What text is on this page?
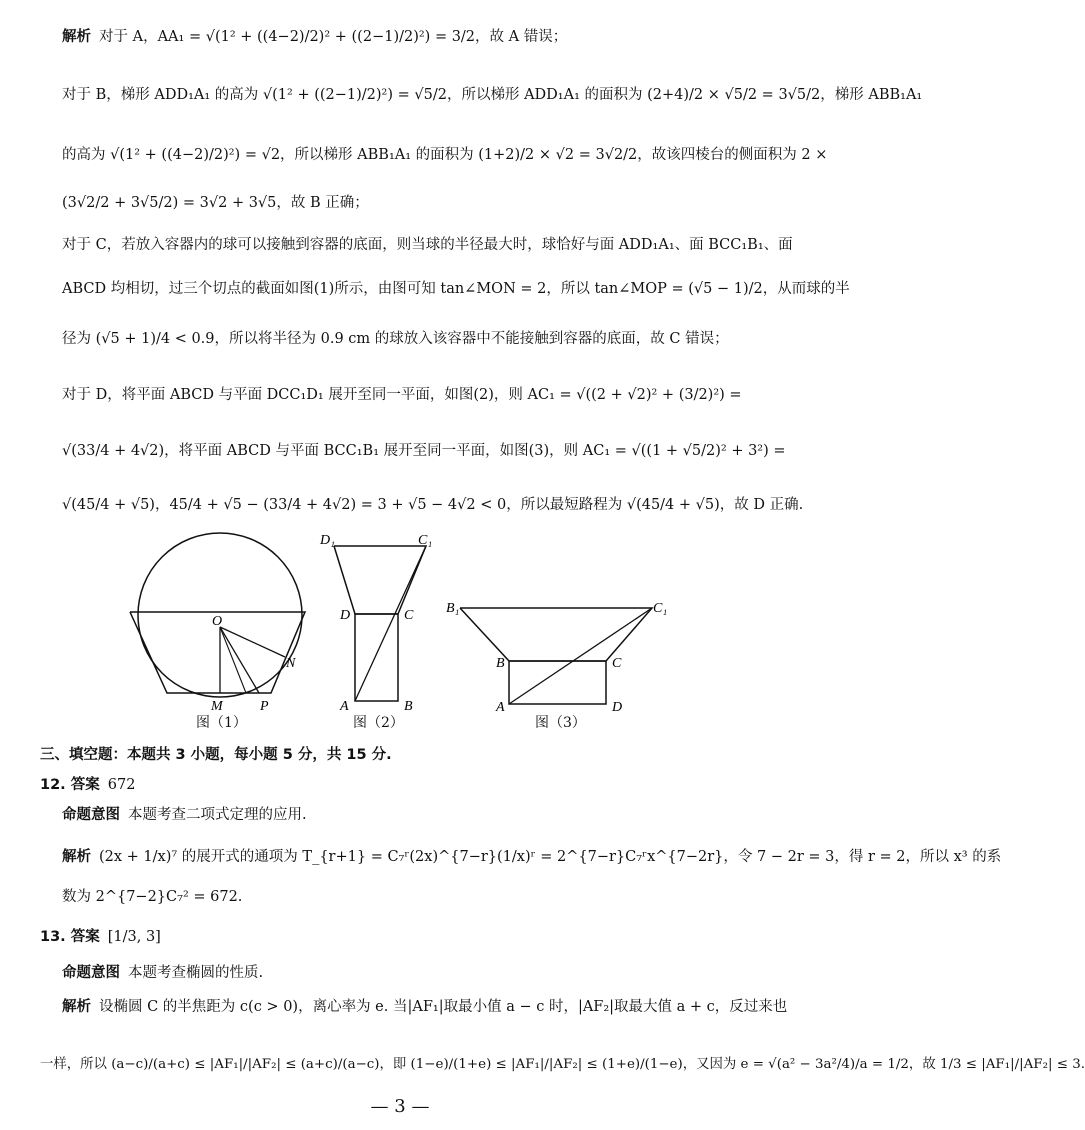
解析 对于 A，AA₁ = √(1² + ((4−2)/2)² + ((2−1)/2)²) = 3/2，故 A 错误；
对于 B，梯形 ADD₁A₁ 的高为 √(1² + ((2−1)/2)²) = √5/2，所以梯形 ADD₁A₁ 的面积为 (2+4)/2 × √5/2 = 3√5/2，梯形 ABB₁A₁
的高为 √(1² + ((4−2)/2)²) = √2，所以梯形 ABB₁A₁ 的面积为 (1+2)/2 × √2 = 3√2/2，故该四棱台的侧面积为 2 ×
(3√2/2 + 3√5/2) = 3√2 + 3√5，故 B 正确；
对于 C，若放入容器内的球可以接触到容器的底面，则当球的半径最大时，球恰好与面 ADD₁A₁、面 BCC₁B₁、面
ABCD 均相切，过三个切点的截面如图(1)所示，由图可知 tan∠MON = 2，所以 tan∠MOP = (√5 − 1)/2，从而球的半
径为 (√5 + 1)/4 < 0.9，所以将半径为 0.9 cm 的球放入该容器中不能接触到容器的底面，故 C 错误；
对于 D，将平面 ABCD 与平面 DCC₁D₁ 展开至同一平面，如图(2)，则 AC₁ = √((2 + √2)² + (3/2)²) =
√(33/4 + 4√2)，将平面 ABCD 与平面 BCC₁B₁ 展开至同一平面，如图(3)，则 AC₁ = √((1 + √5/2)² + 3²) =
√(45/4 + √5)，45/4 + √5 − (33/4 + 4√2) = 3 + √5 − 4√2 < 0，所以最短路程为 √(45/4 + √5)，故 D 正确.
O
N
M	P
图（1）
D₁	C₁
D	C
A	B
图（2）
B₁	C₁
B	C
A	D
图（3）
三、填空题：本题共 3 小题，每小题 5 分，共 15 分.
12. 答案 672
命题意图 本题考查二项式定理的应用.
解析 (2x + 1/x)⁷ 的展开式的通项为 T_{r+1} = C₇ʳ(2x)^{7−r}(1/x)ʳ = 2^{7−r}C₇ʳx^{7−2r}，令 7 − 2r = 3，得 r = 2，所以 x³ 的系
数为 2^{7−2}C₇² = 672.
13. 答案 [1/3, 3]
命题意图 本题考查椭圆的性质.
解析 设椭圆 C 的半焦距为 c(c > 0)，离心率为 e. 当|AF₁|取最小值 a − c 时，|AF₂|取最大值 a + c，反过来也
一样，所以 (a−c)/(a+c) ≤ |AF₁|/|AF₂| ≤ (a+c)/(a−c)，即 (1−e)/(1+e) ≤ |AF₁|/|AF₂| ≤ (1+e)/(1−e)，又因为 e = √(a² − 3a²/4)/a = 1/2，故 1/3 ≤ |AF₁|/|AF₂| ≤ 3.
— 3 —
